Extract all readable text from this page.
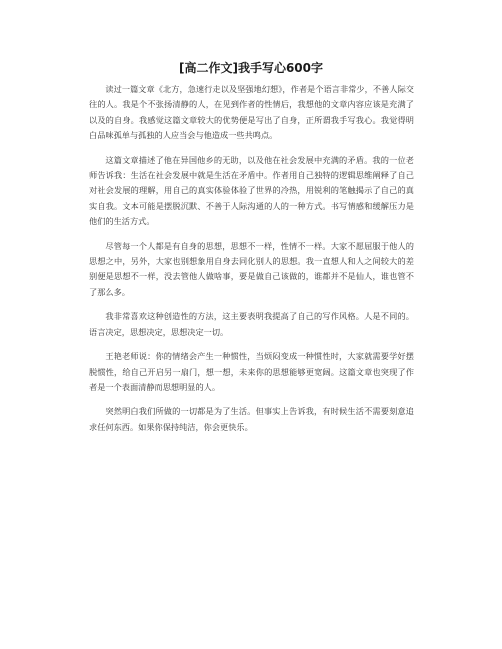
[高二作文]我手写心600字

读过一篇文章《北方，急速行走以及坚强地幻想》，作者是个语言非常少，不善人际交往的人。我是个不张扬清静的人，在见到作者的性情后，我想他的文章内容应该是充满了以及的自身。我感觉这篇文章较大的优势便是写出了自身，正所谓我手写我心。我觉得明白品味孤单与孤独的人应当会与他造成一些共鸣点。

这篇文章描述了他在异国他乡的无助，以及他在社会发展中充满的矛盾。我的一位老师告诉我：生活在社会发展中就是生活在矛盾中。作者用自己独特的逻辑思维阐释了自己对社会发展的理解，用自己的真实体验体验了世界的冷热，用锐利的笔触揭示了自己的真实自我。文本可能是摆脱沉默、不善于人际沟通的人的一种方式。书写情感和缓解压力是他们的生活方式。

尽管每一个人都是有自身的思想，思想不一样，性情不一样。大家不愿屈服于他人的思想之中，另外，大家也别想象用自身去同化别人的思想。我一直想人和人之间较大的差别便是思想不一样，没去管他人做啥事，要是做自己该做的，谁都并不是仙人，谁也管不了那么多。

我非常喜欢这种创造性的方法，这主要表明我提高了自己的写作风格。人是不同的。语言决定，思想决定，思想决定一切。

王艳老师说：你的情绪会产生一种惯性，当烦闷变成一种惯性时，大家就需要学好摆脱惯性，给自己开启另一扇门，想一想，未来你的思想能够更宽阔。这篇文章也突现了作者是一个表面清静而思想明显的人。

突然明白我们所做的一切都是为了生活。但事实上告诉我，有时候生活不需要刻意追求任何东西。如果你保持纯洁，你会更快乐。
